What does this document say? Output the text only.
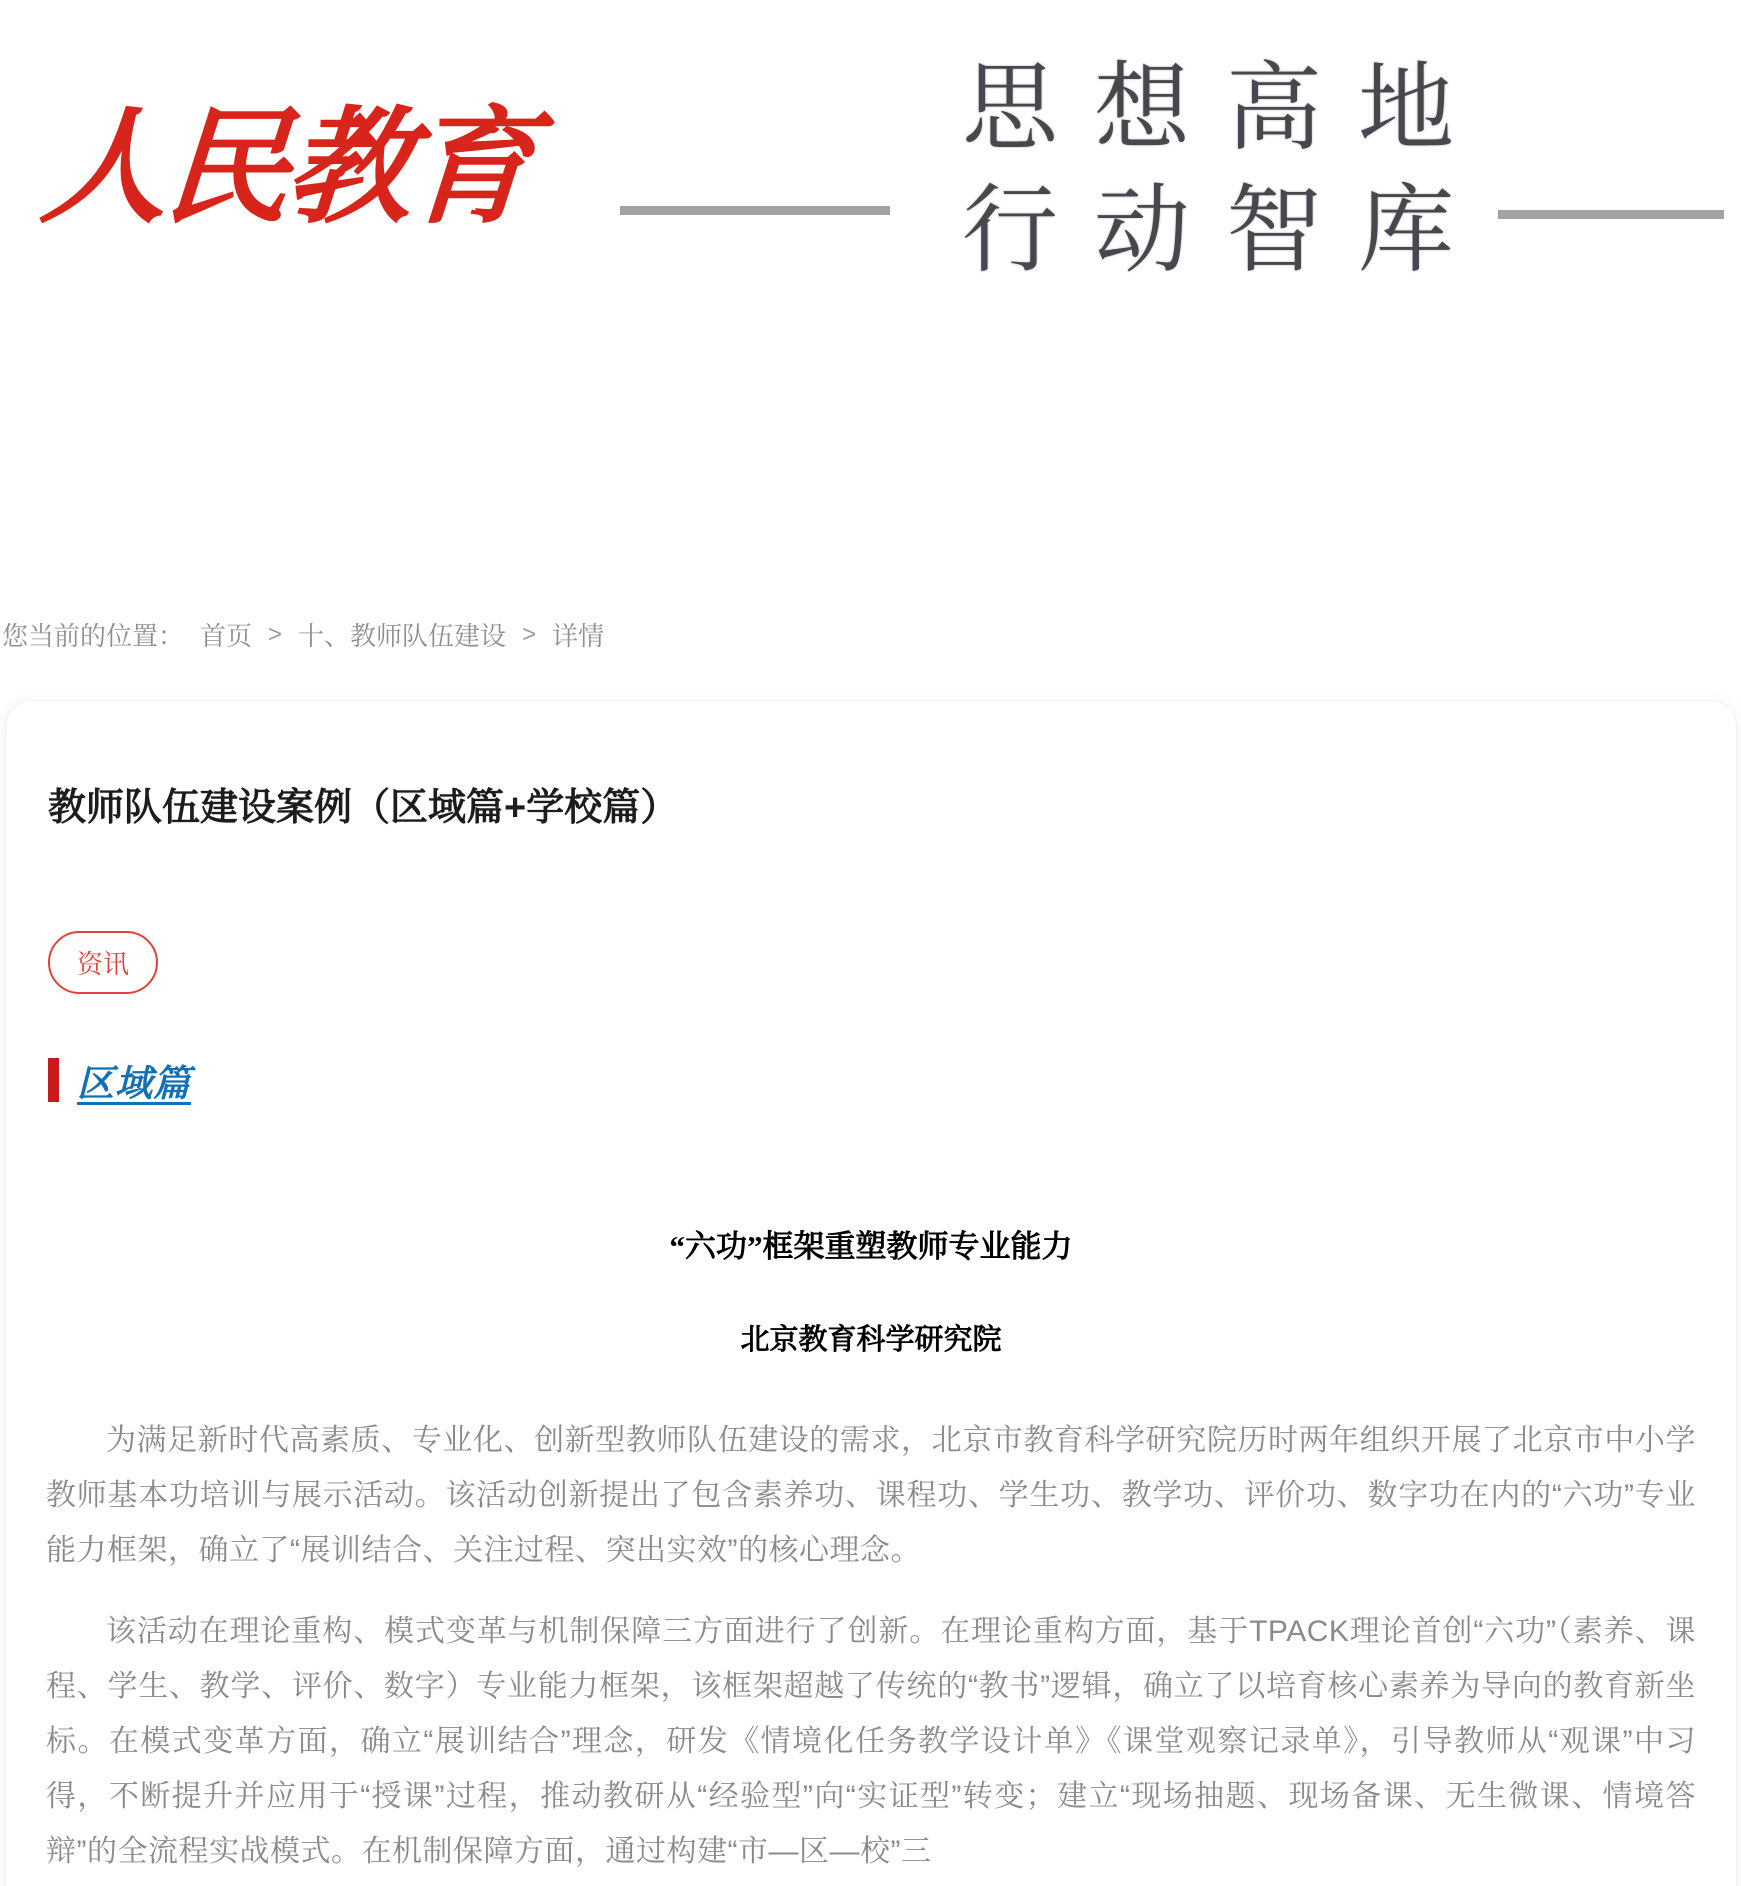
人民教育	思想高地
行动智库
您当前的位置： 首页 > 十、教师队伍建设 > 详情
教师队伍建设案例（区域篇+学校篇）
资讯
区域篇
“六功”框架重塑教师专业能力
北京教育科学研究院

为满足新时代高素质、专业化、创新型教师队伍建设的需求，北京市教育科学研究院历时两年组织开展了北京市中小学教师基本功培训与展示活动。该活动创新提出了包含素养功、课程功、学生功、教学功、评价功、数字功在内的“六功”专业能力框架，确立了“展训结合、关注过程、突出实效”的核心理念。

该活动在理论重构、模式变革与机制保障三方面进行了创新。在理论重构方面，基于TPACK理论首创“六功”（素养、课程、学生、教学、评价、数字）专业能力框架，该框架超越了传统的“教书”逻辑，确立了以培育核心素养为导向的教育新坐标。在模式变革方面，确立“展训结合”理念，研发《情境化任务教学设计单》《课堂观察记录单》，引导教师从“观课”中习得，不断提升并应用于“授课”过程，推动教研从“经验型”向“实证型”转变；建立“现场抽题、现场备课、无生微课、情境答辩”的全流程实战模式。在机制保障方面，通过构建“市—区—校”三
